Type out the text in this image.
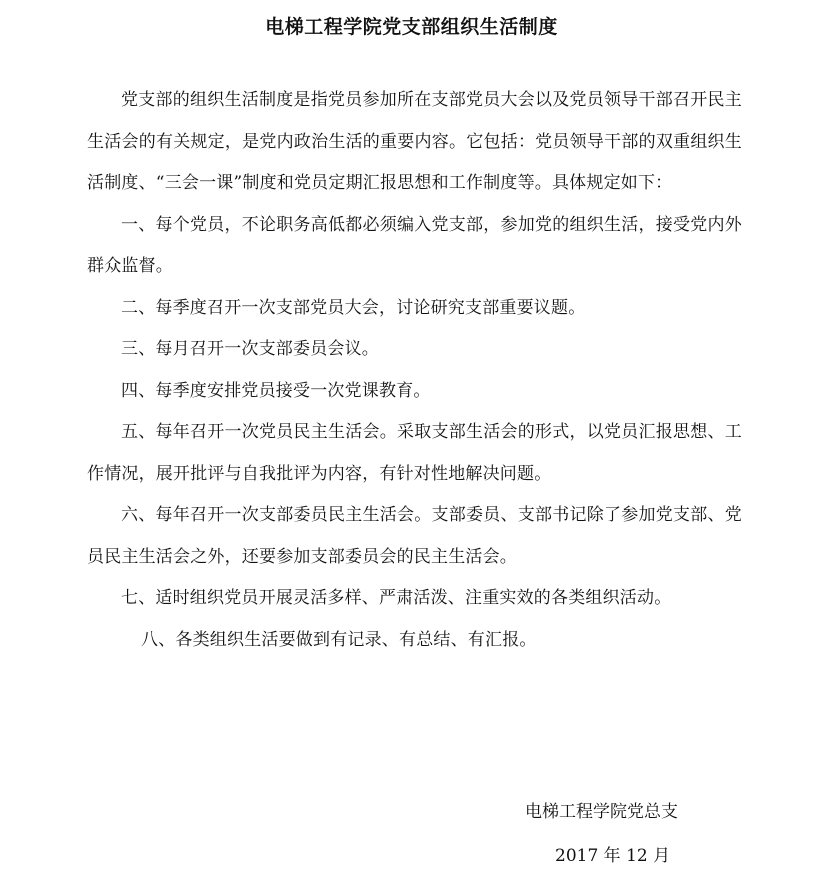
电梯工程学院党支部组织生活制度

党支部的组织生活制度是指党员参加所在支部党员大会以及党员领导干部召开民主生活会的有关规定，是党内政治生活的重要内容。它包括：党员领导干部的双重组织生活制度、“三会一课”制度和党员定期汇报思想和工作制度等。具体规定如下：

一、每个党员，不论职务高低都必须编入党支部，参加党的组织生活，接受党内外群众监督。

二、每季度召开一次支部党员大会，讨论研究支部重要议题。

三、每月召开一次支部委员会议。

四、每季度安排党员接受一次党课教育。

五、每年召开一次党员民主生活会。采取支部生活会的形式，以党员汇报思想、工作情况，展开批评与自我批评为内容，有针对性地解决问题。

六、每年召开一次支部委员民主生活会。支部委员、支部书记除了参加党支部、党员民主生活会之外，还要参加支部委员会的民主生活会。

七、适时组织党员开展灵活多样、严肃活泼、注重实效的各类组织活动。

八、各类组织生活要做到有记录、有总结、有汇报。

电梯工程学院党总支
2017 年 12 月
